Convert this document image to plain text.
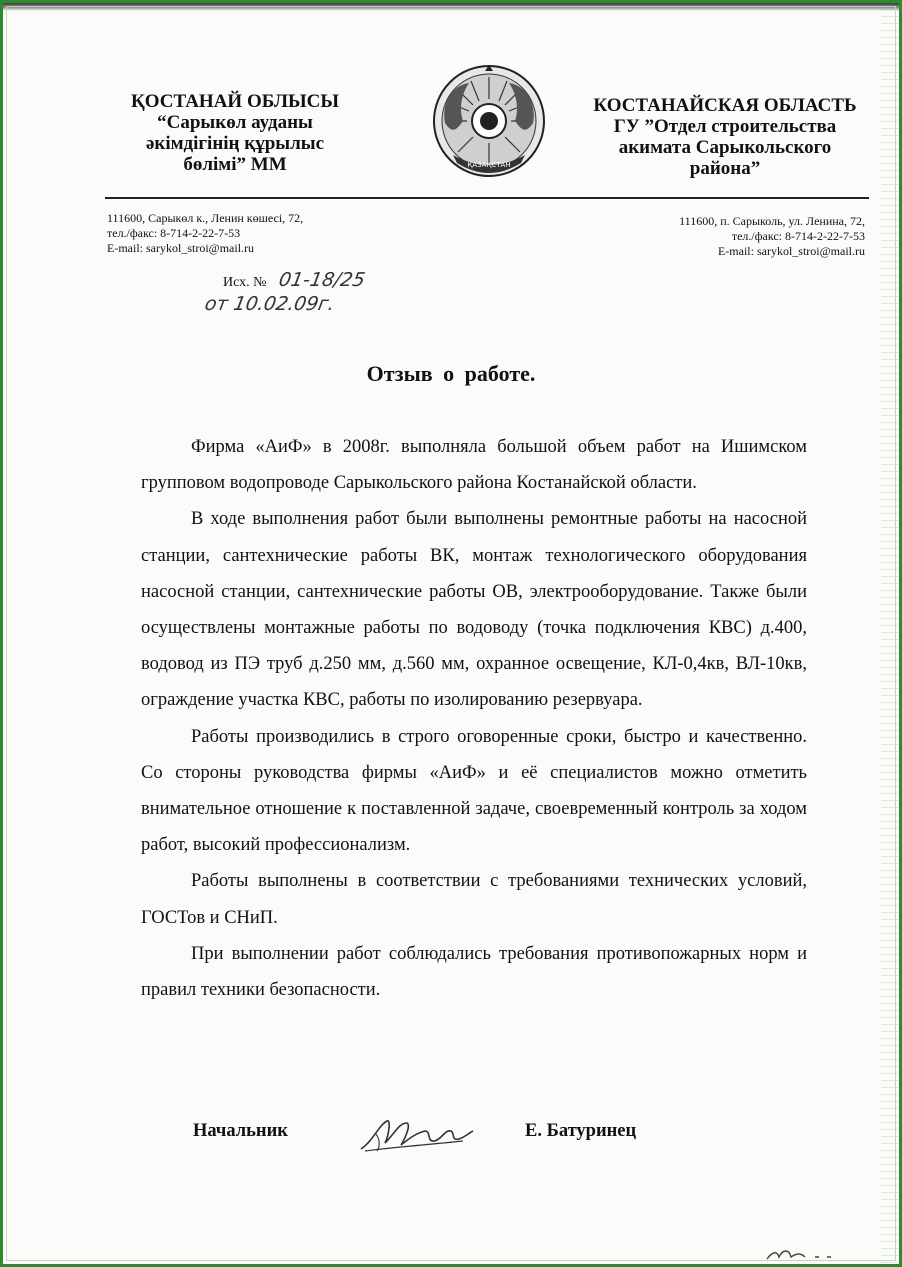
ҚОСТАНАЙ ОБЛЫСЫ
“Сарыкөл ауданы
әкімдігінің құрылыс
бөлімі” ММ	ҚАЗАҚСТАН
КОСТАНАЙСКАЯ ОБЛАСТЬ
ГУ ”Отдел строительства
акимата Сарыкольского
района”
111600, Сарыкөл к., Ленин көшесі, 72,
тел./факс: 8-714-2-22-7-53
E-mail: sarykol_stroi@mail.ru
111600, п. Сарыколь, ул. Ленина, 72,
тел./факс: 8-714-2-22-7-53
E-mail: sarykol_stroi@mail.ru
Исх. № 01-18/25
от 10.02.09г.
Отзыв о работе.

Фирма «АиФ» в 2008г. выполняла большой объем работ на Ишимском групповом водопроводе Сарыкольского района Костанайской области.

В ходе выполнения работ были выполнены ремонтные работы на насосной станции, сантехнические работы ВК, монтаж технологического оборудования насосной станции, сантехнические работы ОВ, электрооборудование. Также были осуществлены монтажные работы по водоводу (точка подключения КВС) д.400, водовод из ПЭ труб д.250 мм, д.560 мм, охранное освещение, КЛ-0,4кв, ВЛ-10кв, ограждение участка КВС, работы по изолированию резервуара.

Работы производились в строго оговоренные сроки, быстро и качественно. Со стороны руководства фирмы «АиФ» и её специалистов можно отметить внимательное отношение к поставленной задаче, своевременный контроль за ходом работ, высокий профессионализм.

Работы выполнены в соответствии с требованиями технических условий, ГОСТов и СНиП.

При выполнении работ соблюдались требования противопожарных норм и правил техники безопасности.

Начальник	Е. Батуринец
